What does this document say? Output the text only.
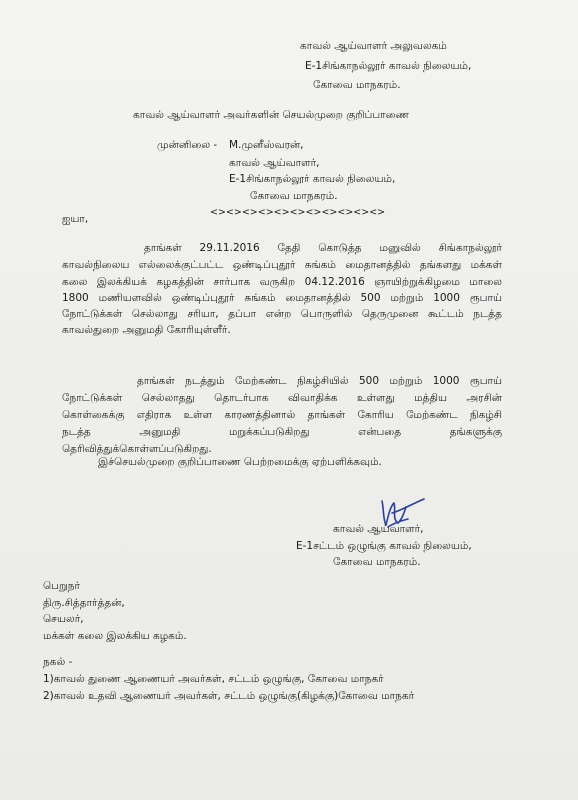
காவல் ஆய்வாளர் அலுவலகம்
E-1சிங்காநல்லூர் காவல் நிலையம்,
கோவை மாநகரம்.
காவல் ஆய்வாளர் அவர்களின் செயல்முறை குறிப்பாணை
முன்னிலை - M.முனீஸ்வரன்,
காவல் ஆய்வாளர்,
E-1சிங்காநல்லூர் காவல் நிலையம்,
கோவை மாநகரம்.
<><><><><><><><><><><>
ஐயா,
தாங்கள் 29.11.2016 தேதி கொடுத்த மனுவில் சிங்காநல்லூர்
காவல்நிலைய எல்லைக்குட்பட்ட ஒண்டிப்புதூர் சுங்கம் மைதானத்தில் தங்களது மக்கள்
கலை இலக்கியக் கழகத்தின் சார்பாக வருகிற 04.12.2016 ஞாயிற்றுக்கிழமை மாலை
1800 மணியளவில் ஒண்டிப்புதூர் சுங்கம் மைதானத்தில் 500 மற்றும் 1000 ரூபாய்
நோட்டுக்கள் செல்லாது சரியா, தப்பா என்ற பொருளில் தெருமுனை கூட்டம் நடத்த
காவல்துறை அனுமதி கோரியுள்ளீர்.
தாங்கள் நடத்தும் மேற்கண்ட நிகழ்சியில் 500 மற்றும் 1000 ரூபாய்
நோட்டுக்கள் செல்லாதது தொடர்பாக விவாதிக்க உள்ளது மத்திய அரசின்
கொள்கைக்கு எதிராக உள்ள காரணத்தினால் தாங்கள் கோரிய மேற்கண்ட நிகழ்சி
நடத்த அனுமதி மறுக்கப்படுகிறது என்பதை தங்களுக்கு
தெரிவித்துக்கொள்ளப்படுகிறது.
இச்செயல்முறை குறிப்பாணை பெற்றமைக்கு ஏற்பளிக்கவும்.
காவல் ஆய்வாளர்,
E-1சட்டம் ஒழுங்கு காவல் நிலையம்,
கோவை மாநகரம்.
பெறுநர்
திரு.சித்தார்த்தன்,
செயலர்,
மக்கள் கலை இலக்கிய கழகம்.
நகல் -
1)காவல் துணை ஆணையர் அவர்கள், சட்டம் ஒழுங்கு, கோவை மாநகர்
2)காவல் உதவி ஆணையர் அவர்கள், சட்டம் ஒழுங்கு(கிழக்கு)கோவை மாநகர்
